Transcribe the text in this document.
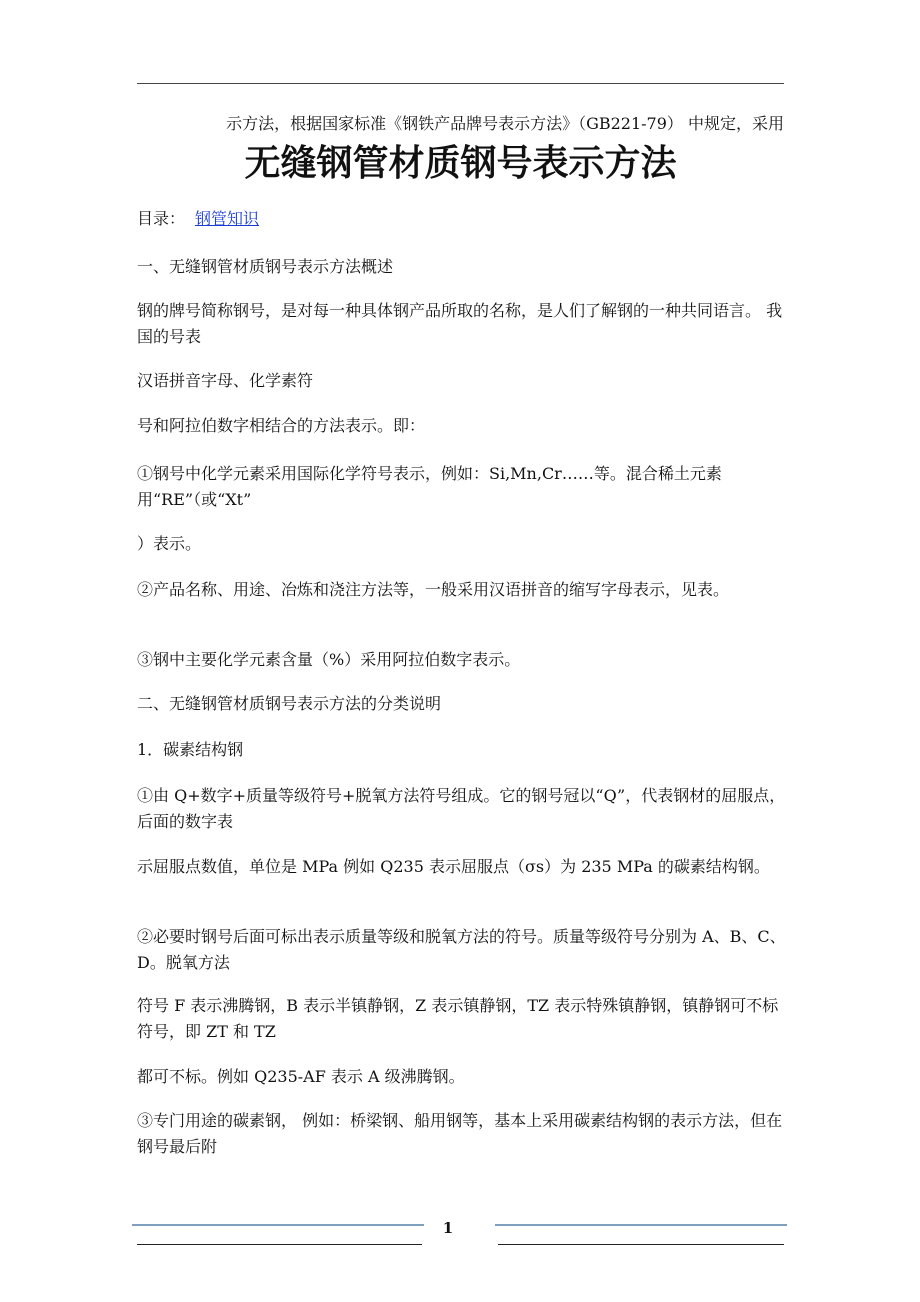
示方法，根据国家标准《钢铁产品牌号表示方法》（GB221-79） 中规定，采用
无缝钢管材质钢号表示方法

目录： 钢管知识

一、无缝钢管材质钢号表示方法概述

钢的牌号简称钢号，是对每一种具体钢产品所取的名称，是人们了解钢的一种共同语言。 我国的号表

汉语拼音字母、化学素符

号和阿拉伯数字相结合的方法表示。即：

①钢号中化学元素采用国际化学符号表示，例如：Si,Mn,Cr……等。混合稀土元素用“RE”（或“Xt”

）表示。

②产品名称、用途、冶炼和浇注方法等，一般采用汉语拼音的缩写字母表示，见表。

③钢中主要化学元素含量（%）采用阿拉伯数字表示。

二、无缝钢管材质钢号表示方法的分类说明

1．碳素结构钢

①由 Q+数字+质量等级符号+脱氧方法符号组成。它的钢号冠以“Q”，代表钢材的屈服点，后面的数字表

示屈服点数值，单位是 MPa 例如 Q235 表示屈服点（σs）为 235 MPa 的碳素结构钢。

②必要时钢号后面可标出表示质量等级和脱氧方法的符号。质量等级符号分别为 A、B、C、D。脱氧方法

符号 F 表示沸腾钢，B 表示半镇静钢，Z 表示镇静钢，TZ 表示特殊镇静钢，镇静钢可不标符号，即 ZT 和 TZ

都可不标。例如 Q235-AF 表示 A 级沸腾钢。

③专门用途的碳素钢， 例如：桥梁钢、船用钢等，基本上采用碳素结构钢的表示方法，但在钢号最后附

1
